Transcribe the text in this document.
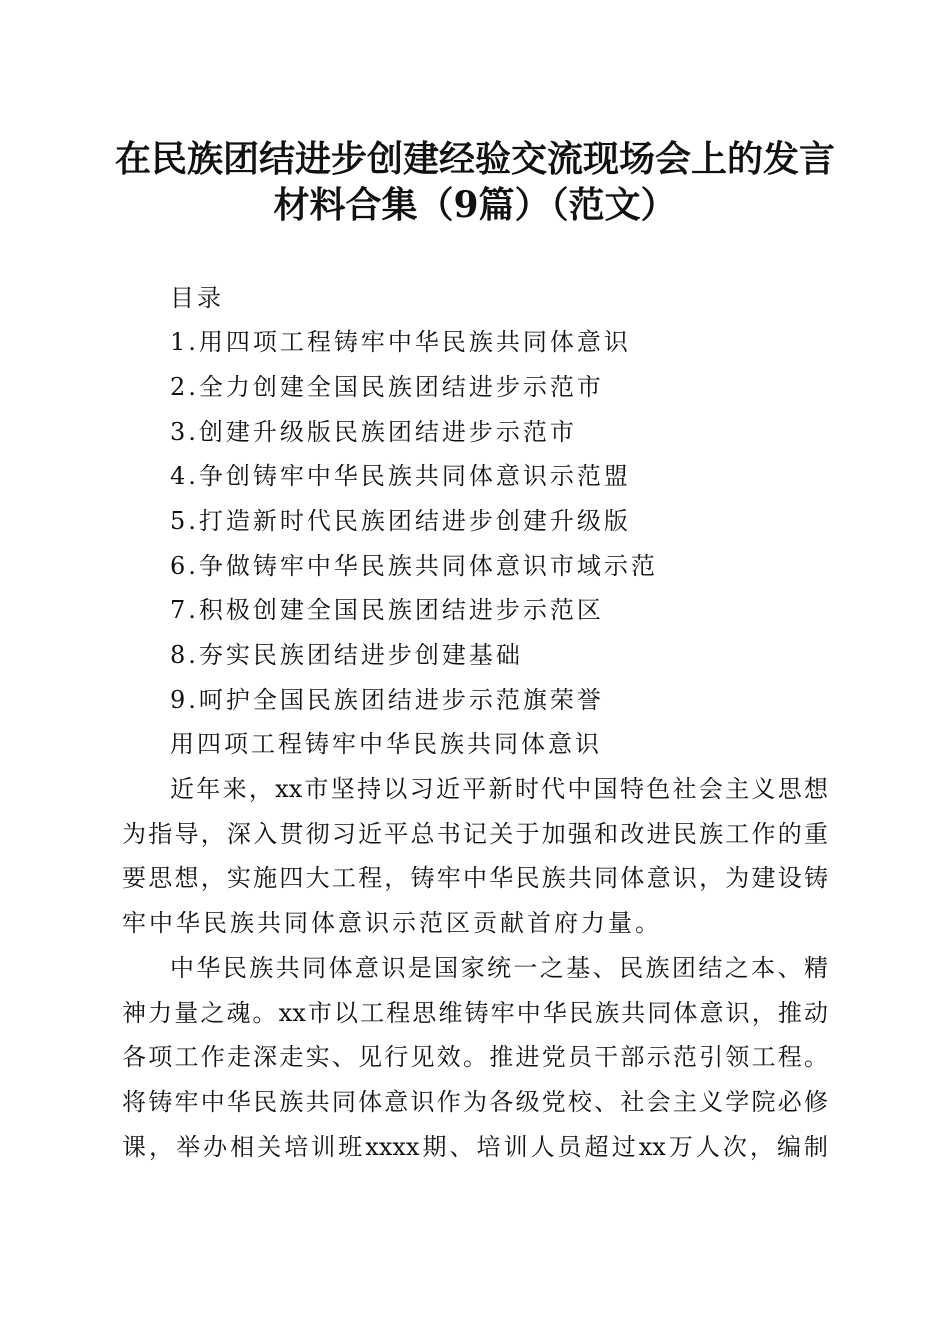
在民族团结进步创建经验交流现场会上的发言
材料合集（9篇）（范文）

目录

1.用四项工程铸牢中华民族共同体意识

2.全力创建全国民族团结进步示范市

3.创建升级版民族团结进步示范市

4.争创铸牢中华民族共同体意识示范盟

5.打造新时代民族团结进步创建升级版

6.争做铸牢中华民族共同体意识市域示范

7.积极创建全国民族团结进步示范区

8.夯实民族团结进步创建基础

9.呵护全国民族团结进步示范旗荣誉

用四项工程铸牢中华民族共同体意识

近年来，xx市坚持以习近平新时代中国特色社会主义思想

为指导，深入贯彻习近平总书记关于加强和改进民族工作的重

要思想，实施四大工程，铸牢中华民族共同体意识，为建设铸

牢中华民族共同体意识示范区贡献首府力量。

中华民族共同体意识是国家统一之基、民族团结之本、精

神力量之魂。xx市以工程思维铸牢中华民族共同体意识，推动

各项工作走深走实、见行见效。推进党员干部示范引领工程。

将铸牢中华民族共同体意识作为各级党校、社会主义学院必修

课，举办相关培训班xxxx期、培训人员超过xx万人次，编制
